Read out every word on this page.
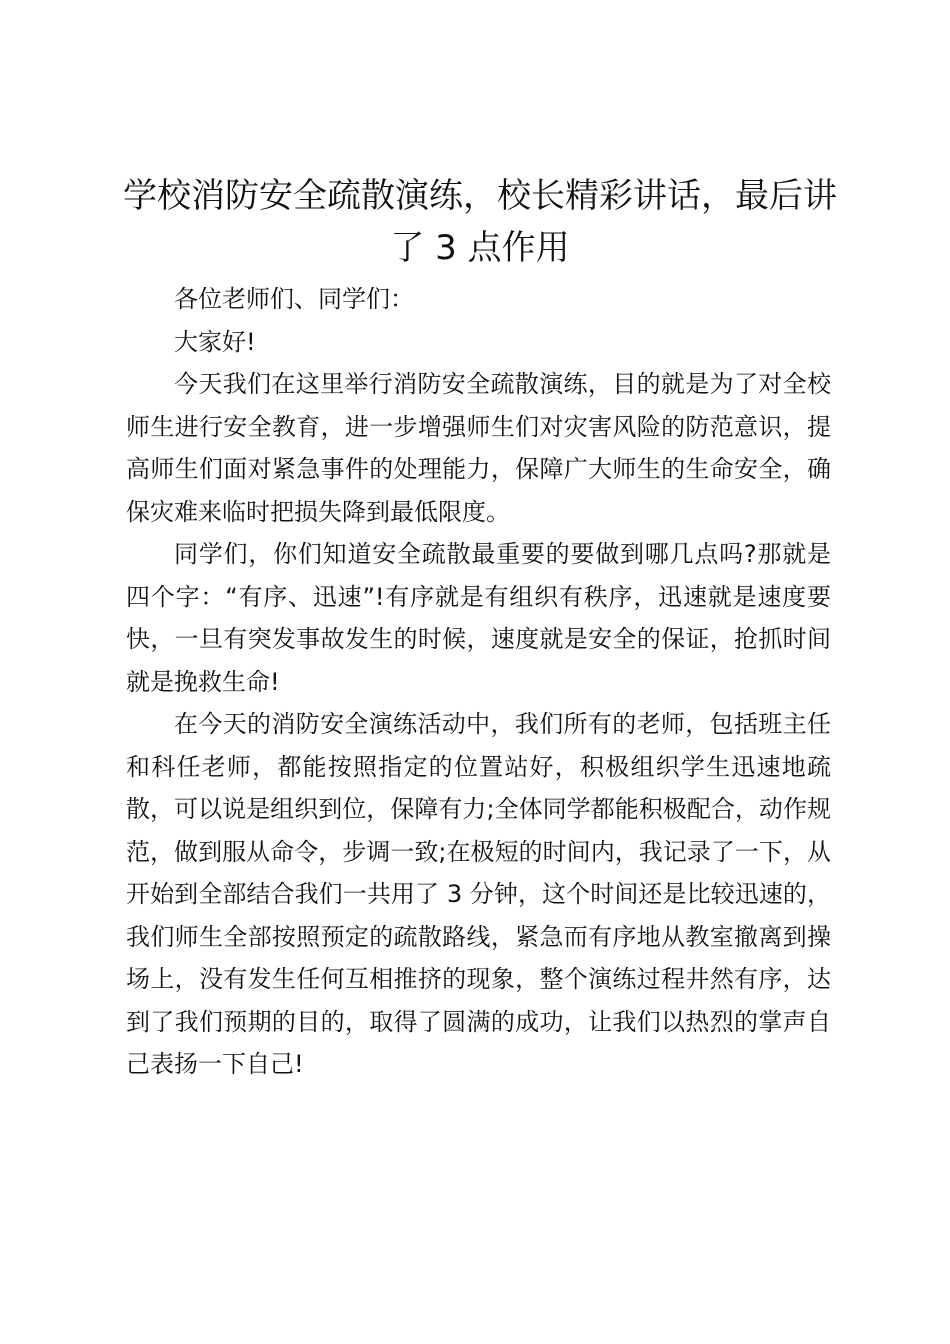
学校消防安全疏散演练，校长精彩讲话，最后讲了 3 点作用

各位老师们、同学们：

大家好!

今天我们在这里举行消防安全疏散演练，目的就是为了对全校师生进行安全教育，进一步增强师生们对灾害风险的防范意识，提高师生们面对紧急事件的处理能力，保障广大师生的生命安全，确保灾难来临时把损失降到最低限度。

同学们，你们知道安全疏散最重要的要做到哪几点吗?那就是四个字：“有序、迅速”!有序就是有组织有秩序，迅速就是速度要快，一旦有突发事故发生的时候，速度就是安全的保证，抢抓时间就是挽救生命!

在今天的消防安全演练活动中，我们所有的老师，包括班主任和科任老师，都能按照指定的位置站好，积极组织学生迅速地疏散，可以说是组织到位，保障有力;全体同学都能积极配合，动作规范，做到服从命令，步调一致;在极短的时间内，我记录了一下，从开始到全部结合我们一共用了 3 分钟，这个时间还是比较迅速的，我们师生全部按照预定的疏散路线，紧急而有序地从教室撤离到操场上，没有发生任何互相推挤的现象，整个演练过程井然有序，达到了我们预期的目的，取得了圆满的成功，让我们以热烈的掌声自己表扬一下自己!
